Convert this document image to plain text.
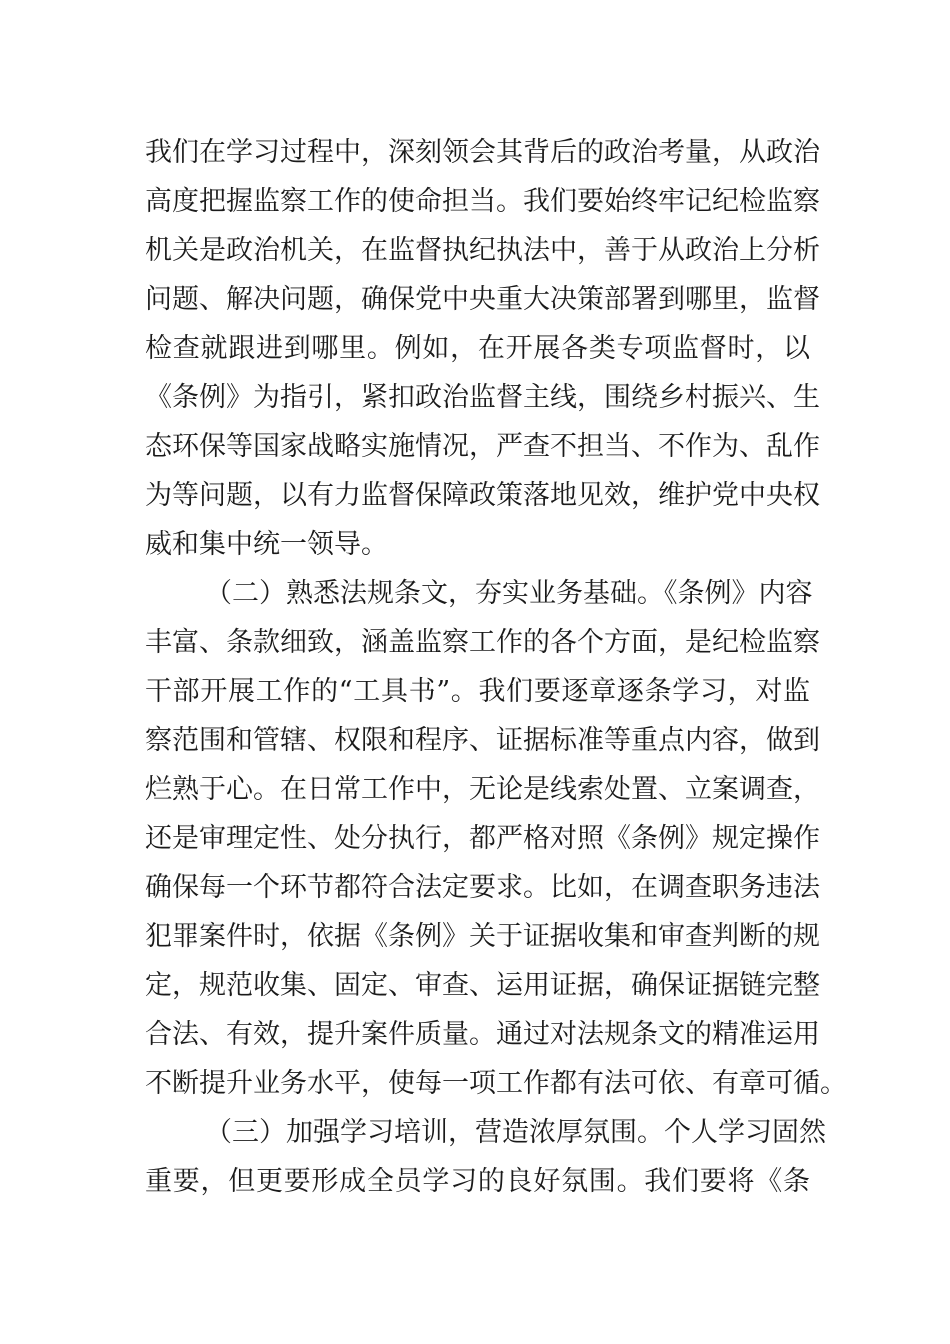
我们在学习过程中，深刻领会其背后的政治考量，从政治
高度把握监察工作的使命担当。我们要始终牢记纪检监察
机关是政治机关，在监督执纪执法中，善于从政治上分析
问题、解决问题，确保党中央重大决策部署到哪里，监督
检查就跟进到哪里。例如，在开展各类专项监督时，以
《条例》为指引，紧扣政治监督主线，围绕乡村振兴、生
态环保等国家战略实施情况，严查不担当、不作为、乱作
为等问题，以有力监督保障政策落地见效，维护党中央权
威和集中统一领导。
（二）熟悉法规条文，夯实业务基础。《条例》内容
丰富、条款细致，涵盖监察工作的各个方面，是纪检监察
干部开展工作的“工具书”。我们要逐章逐条学习，对监
察范围和管辖、权限和程序、证据标准等重点内容，做到
烂熟于心。在日常工作中，无论是线索处置、立案调查，
还是审理定性、处分执行，都严格对照《条例》规定操作
确保每一个环节都符合法定要求。比如，在调查职务违法
犯罪案件时，依据《条例》关于证据收集和审查判断的规
定，规范收集、固定、审查、运用证据，确保证据链完整
合法、有效，提升案件质量。通过对法规条文的精准运用
不断提升业务水平，使每一项工作都有法可依、有章可循。
（三）加强学习培训，营造浓厚氛围。个人学习固然
重要，但更要形成全员学习的良好氛围。我们要将《条
